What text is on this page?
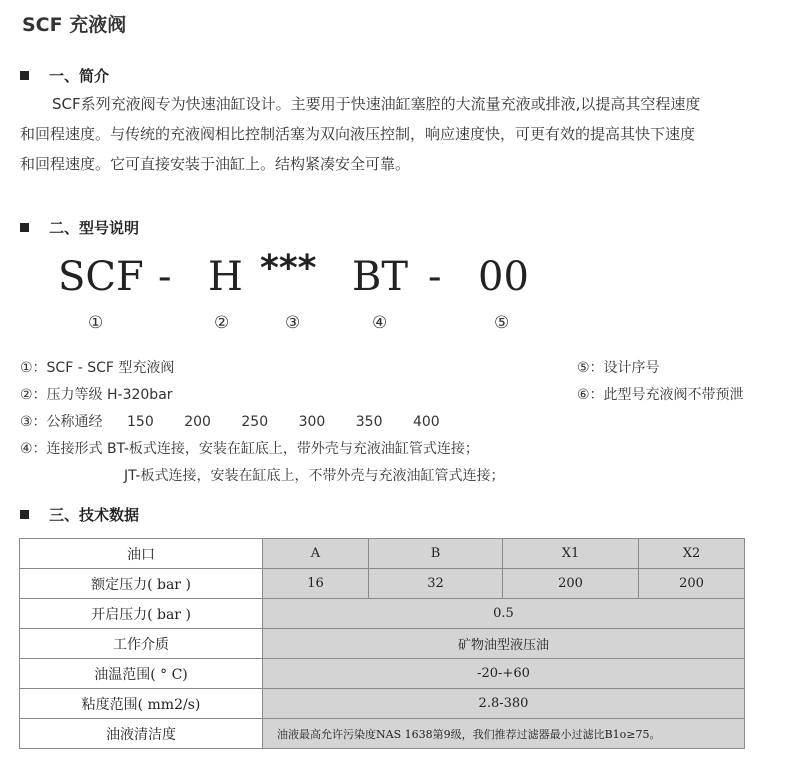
SCF 充液阀
一、简介
SCF系列充液阀专为快速油缸设计。主要用于快速油缸塞腔的大流量充液或排液,以提高其空程速度
和回程速度。与传统的充液阀相比控制活塞为双向液压控制，响应速度快，可更有效的提高其快下速度
和回程速度。它可直接安装于油缸上。结构紧凑安全可靠。
二、型号说明
SCF - H *** BT - 00
①	②	③	④	⑤
①：SCF - SCF 型充液阀
②：压力等级 H-320bar
③：公称通经 150 200 250 300 350 400
④：连接形式 BT-板式连接，安装在缸底上，带外壳与充液油缸管式连接；
JT-板式连接，安装在缸底上，不带外壳与充液油缸管式连接；
⑤：设计序号
⑥：此型号充液阀不带预泄
三、技术数据
油口	A	B	X1	X2
额定压力( bar )	16	32	200	200
开启压力( bar )	0.5			
工作介质	矿物油型液压油			
油温范围( ° C)	-20-+60			
粘度范围( mm2/s)	2.8-380			
油液清洁度	油液最高允许污染度NAS 1638第9级，我们推荐过滤器最小过滤比B1o≥75。			
